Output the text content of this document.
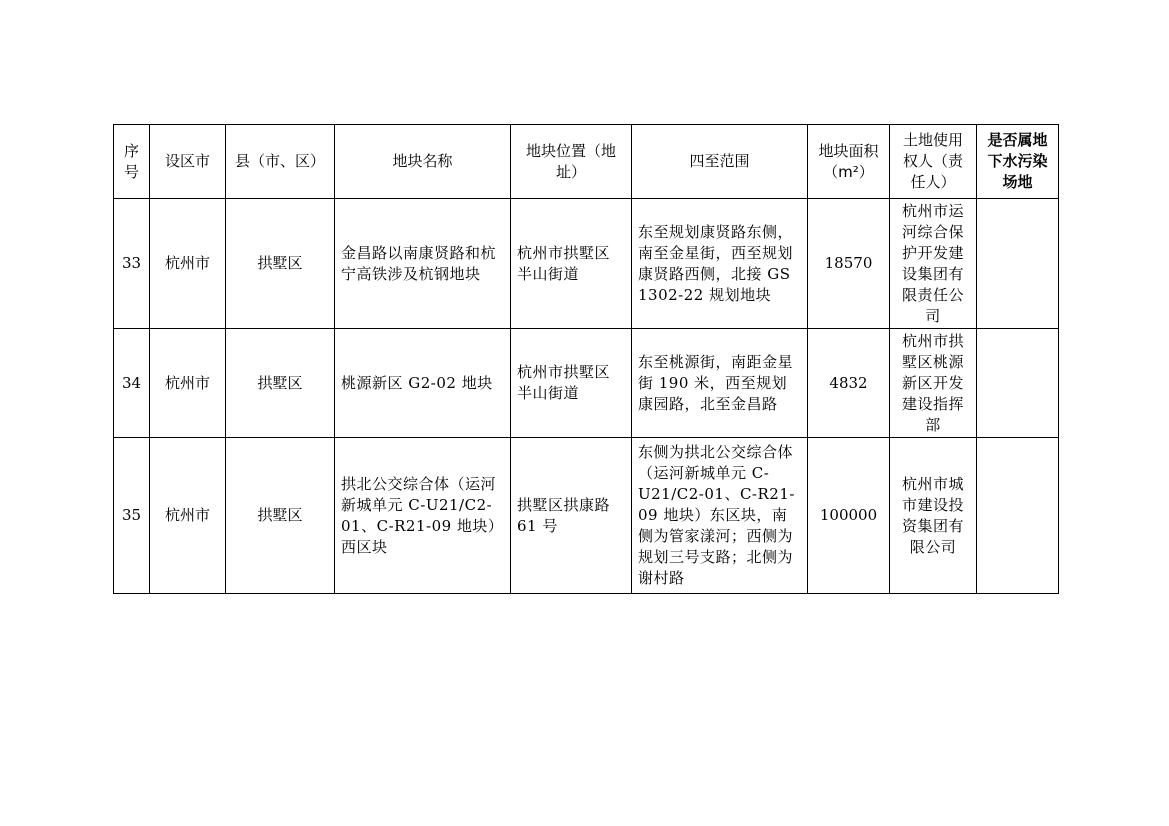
序号	设区市	县（市、区）	地块名称	地块位置（地址）	四至范围	地块面积（m²）	土地使用权人（责任人）	是否属地下水污染场地
33	杭州市	拱墅区	金昌路以南康贤路和杭宁高铁涉及杭钢地块	杭州市拱墅区半山街道	东至规划康贤路东侧，南至金星街，西至规划康贤路西侧，北接 GS 1302-22 规划地块	18570	杭州市运河综合保护开发建设集团有限责任公司	
34	杭州市	拱墅区	桃源新区 G2-02 地块	杭州市拱墅区半山街道	东至桃源街，南距金星街 190 米，西至规划康园路，北至金昌路	4832	杭州市拱墅区桃源新区开发建设指挥部	
35	杭州市	拱墅区	拱北公交综合体（运河新城单元 C-U21/C2-01、C-R21-09 地块）西区块	拱墅区拱康路 61 号	东侧为拱北公交综合体（运河新城单元 C-U21/C2-01、C-R21-09 地块）东区块，南侧为管家漾河；西侧为规划三号支路；北侧为谢村路	100000	杭州市城市建设投资集团有限公司	
